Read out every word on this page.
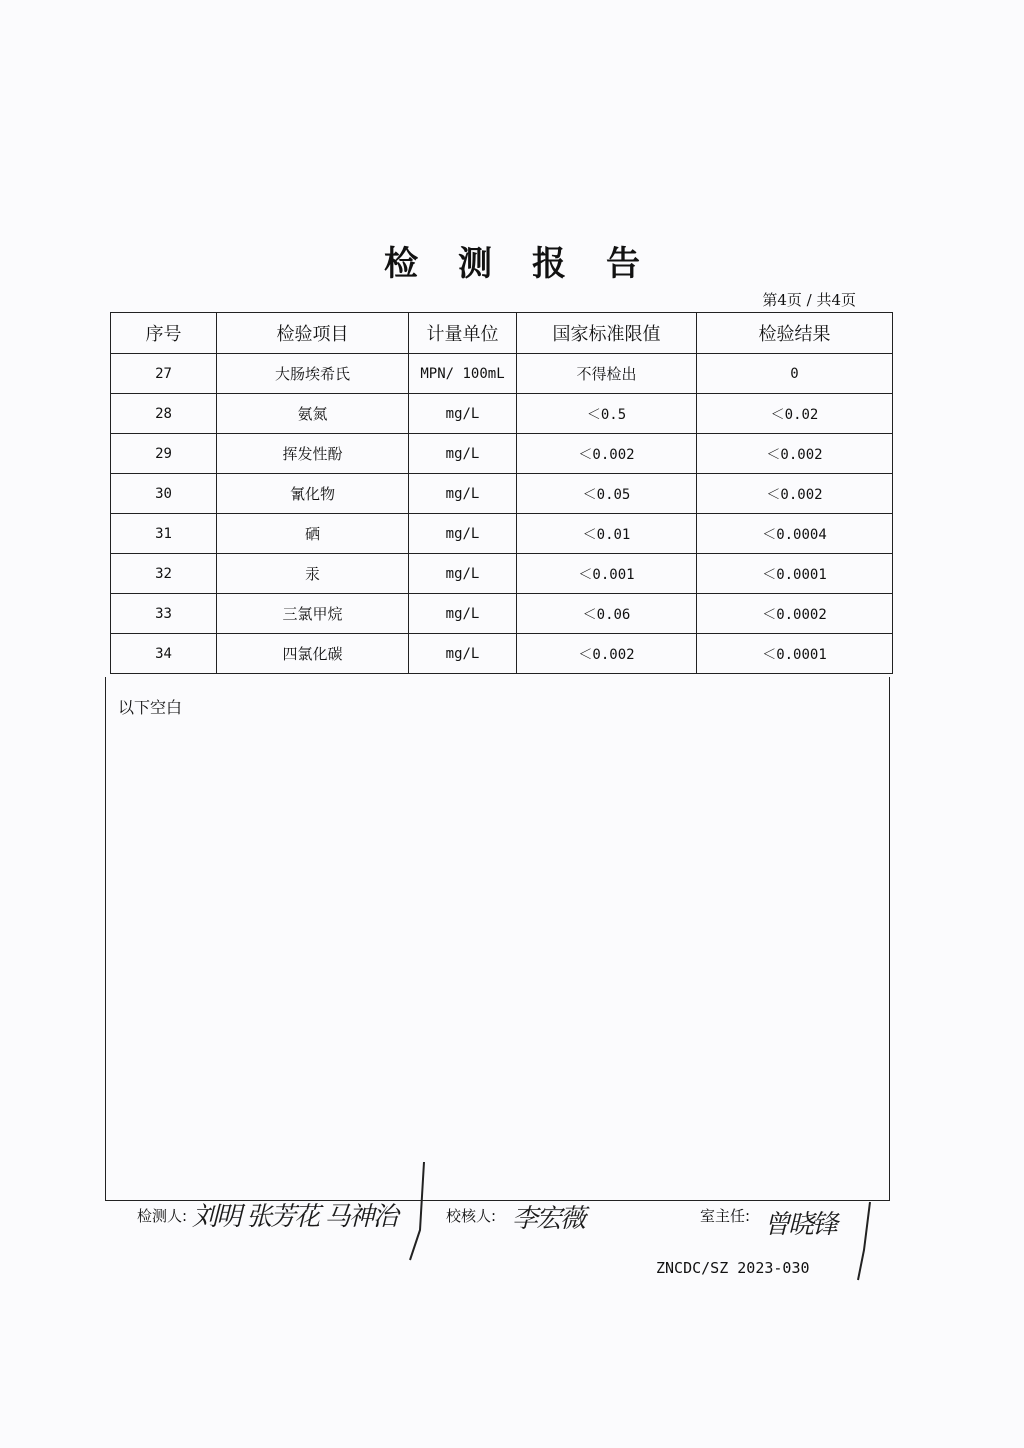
检测报告
第4页 / 共4页
序号	检验项目	计量单位	国家标准限值	检验结果
27	大肠埃希氏	MPN/ 100mL	不得检出	0
28	氨氮	mg/L	＜0.5	＜0.02
29	挥发性酚	mg/L	＜0.002	＜0.002
30	氰化物	mg/L	＜0.05	＜0.002
31	硒	mg/L	＜0.01	＜0.0004
32	汞	mg/L	＜0.001	＜0.0001
33	三氯甲烷	mg/L	＜0.06	＜0.0002
34	四氯化碳	mg/L	＜0.002	＜0.0001
以下空白
检测人: 刘明 张芳花 马神治	校核人: 李宏薇	室主任: 曾晓锋
ZNCDC/SZ 2023-030
